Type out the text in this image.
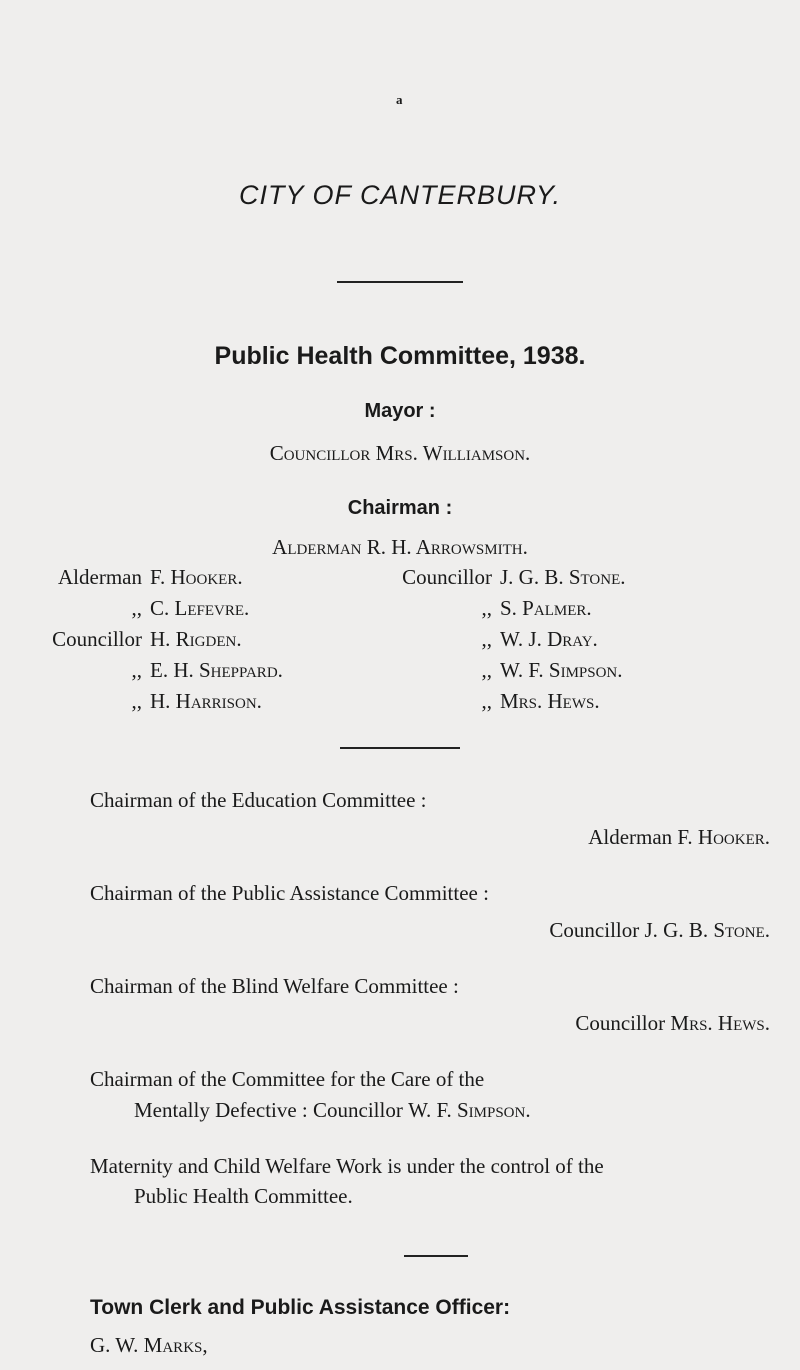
a
CITY OF CANTERBURY.
Public Health Committee, 1938.
Mayor :
Councillor Mrs. Williamson.
Chairman :
Alderman R. H. Arrowsmith.
Alderman F. Hooker.
,, C. Lefevre.
Councillor H. Rigden.
,, E. H. Sheppard.
,, H. Harrison.
Councillor J. G. B. Stone.
,, S. Palmer.
,, W. J. Dray.
,, W. F. Simpson.
,, Mrs. Hews.
Chairman of the Education Committee :
Alderman F. Hooker.
Chairman of the Public Assistance Committee :
Councillor J. G. B. Stone.
Chairman of the Blind Welfare Committee :
Councillor Mrs. Hews.
Chairman of the Committee for the Care of the
Mentally Defective : Councillor W. F. Simpson.
Maternity and Child Welfare Work is under the control of the
Public Health Committee.
Town Clerk and Public Assistance Officer:
G. W. Marks,
